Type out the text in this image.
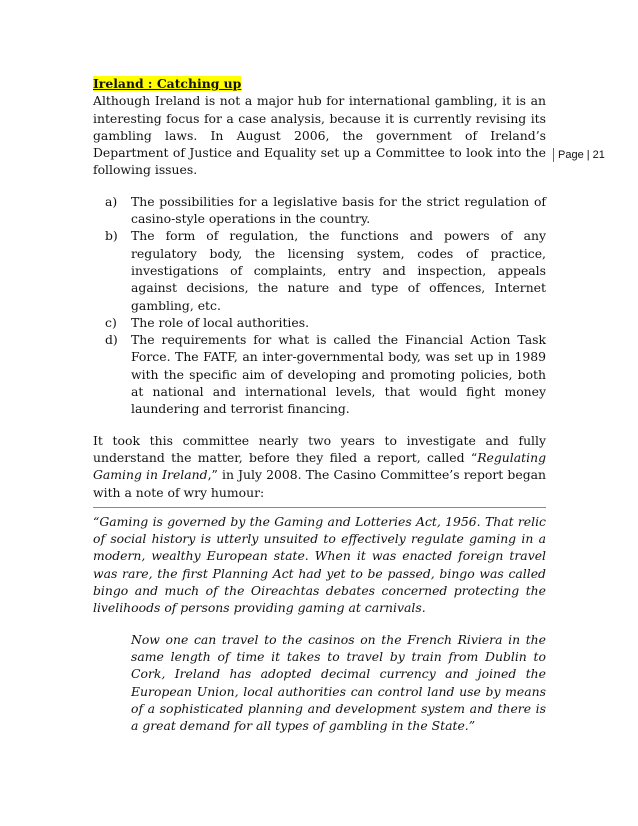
Page | 21
Ireland : Catching up

Although Ireland is not a major hub for international gambling, it is an interesting focus for a case analysis, because it is currently revising its gambling laws. In August 2006, the government of Ireland’s Department of Justice and Equality set up a Committee to look into the following issues.

a) The possibilities for a legislative basis for the strict regulation of casino-style operations in the country.
b) The form of regulation, the functions and powers of any regulatory body, the licensing system, codes of practice, investigations of complaints, entry and inspection, appeals against decisions, the nature and type of offences, Internet gambling, etc.
c) The role of local authorities.
d) The requirements for what is called the Financial Action Task Force. The FATF, an inter-governmental body, was set up in 1989 with the specific aim of developing and promoting policies, both at national and international levels, that would fight money laundering and terrorist financing.

It took this committee nearly two years to investigate and fully understand the matter, before they filed a report, called “Regulating Gaming in Ireland,” in July 2008. The Casino Committee’s report began with a note of wry humour:

“Gaming is governed by the Gaming and Lotteries Act, 1956. That relic of social history is utterly unsuited to effectively regulate gaming in a modern, wealthy European state. When it was enacted foreign travel was rare, the first Planning Act had yet to be passed, bingo was called bingo and much of the Oireachtas debates concerned protecting the livelihoods of persons providing gaming at carnivals.

Now one can travel to the casinos on the French Riviera in the same length of time it takes to travel by train from Dublin to Cork, Ireland has adopted decimal currency and joined the European Union, local authorities can control land use by means of a sophisticated planning and development system and there is a great demand for all types of gambling in the State.”
